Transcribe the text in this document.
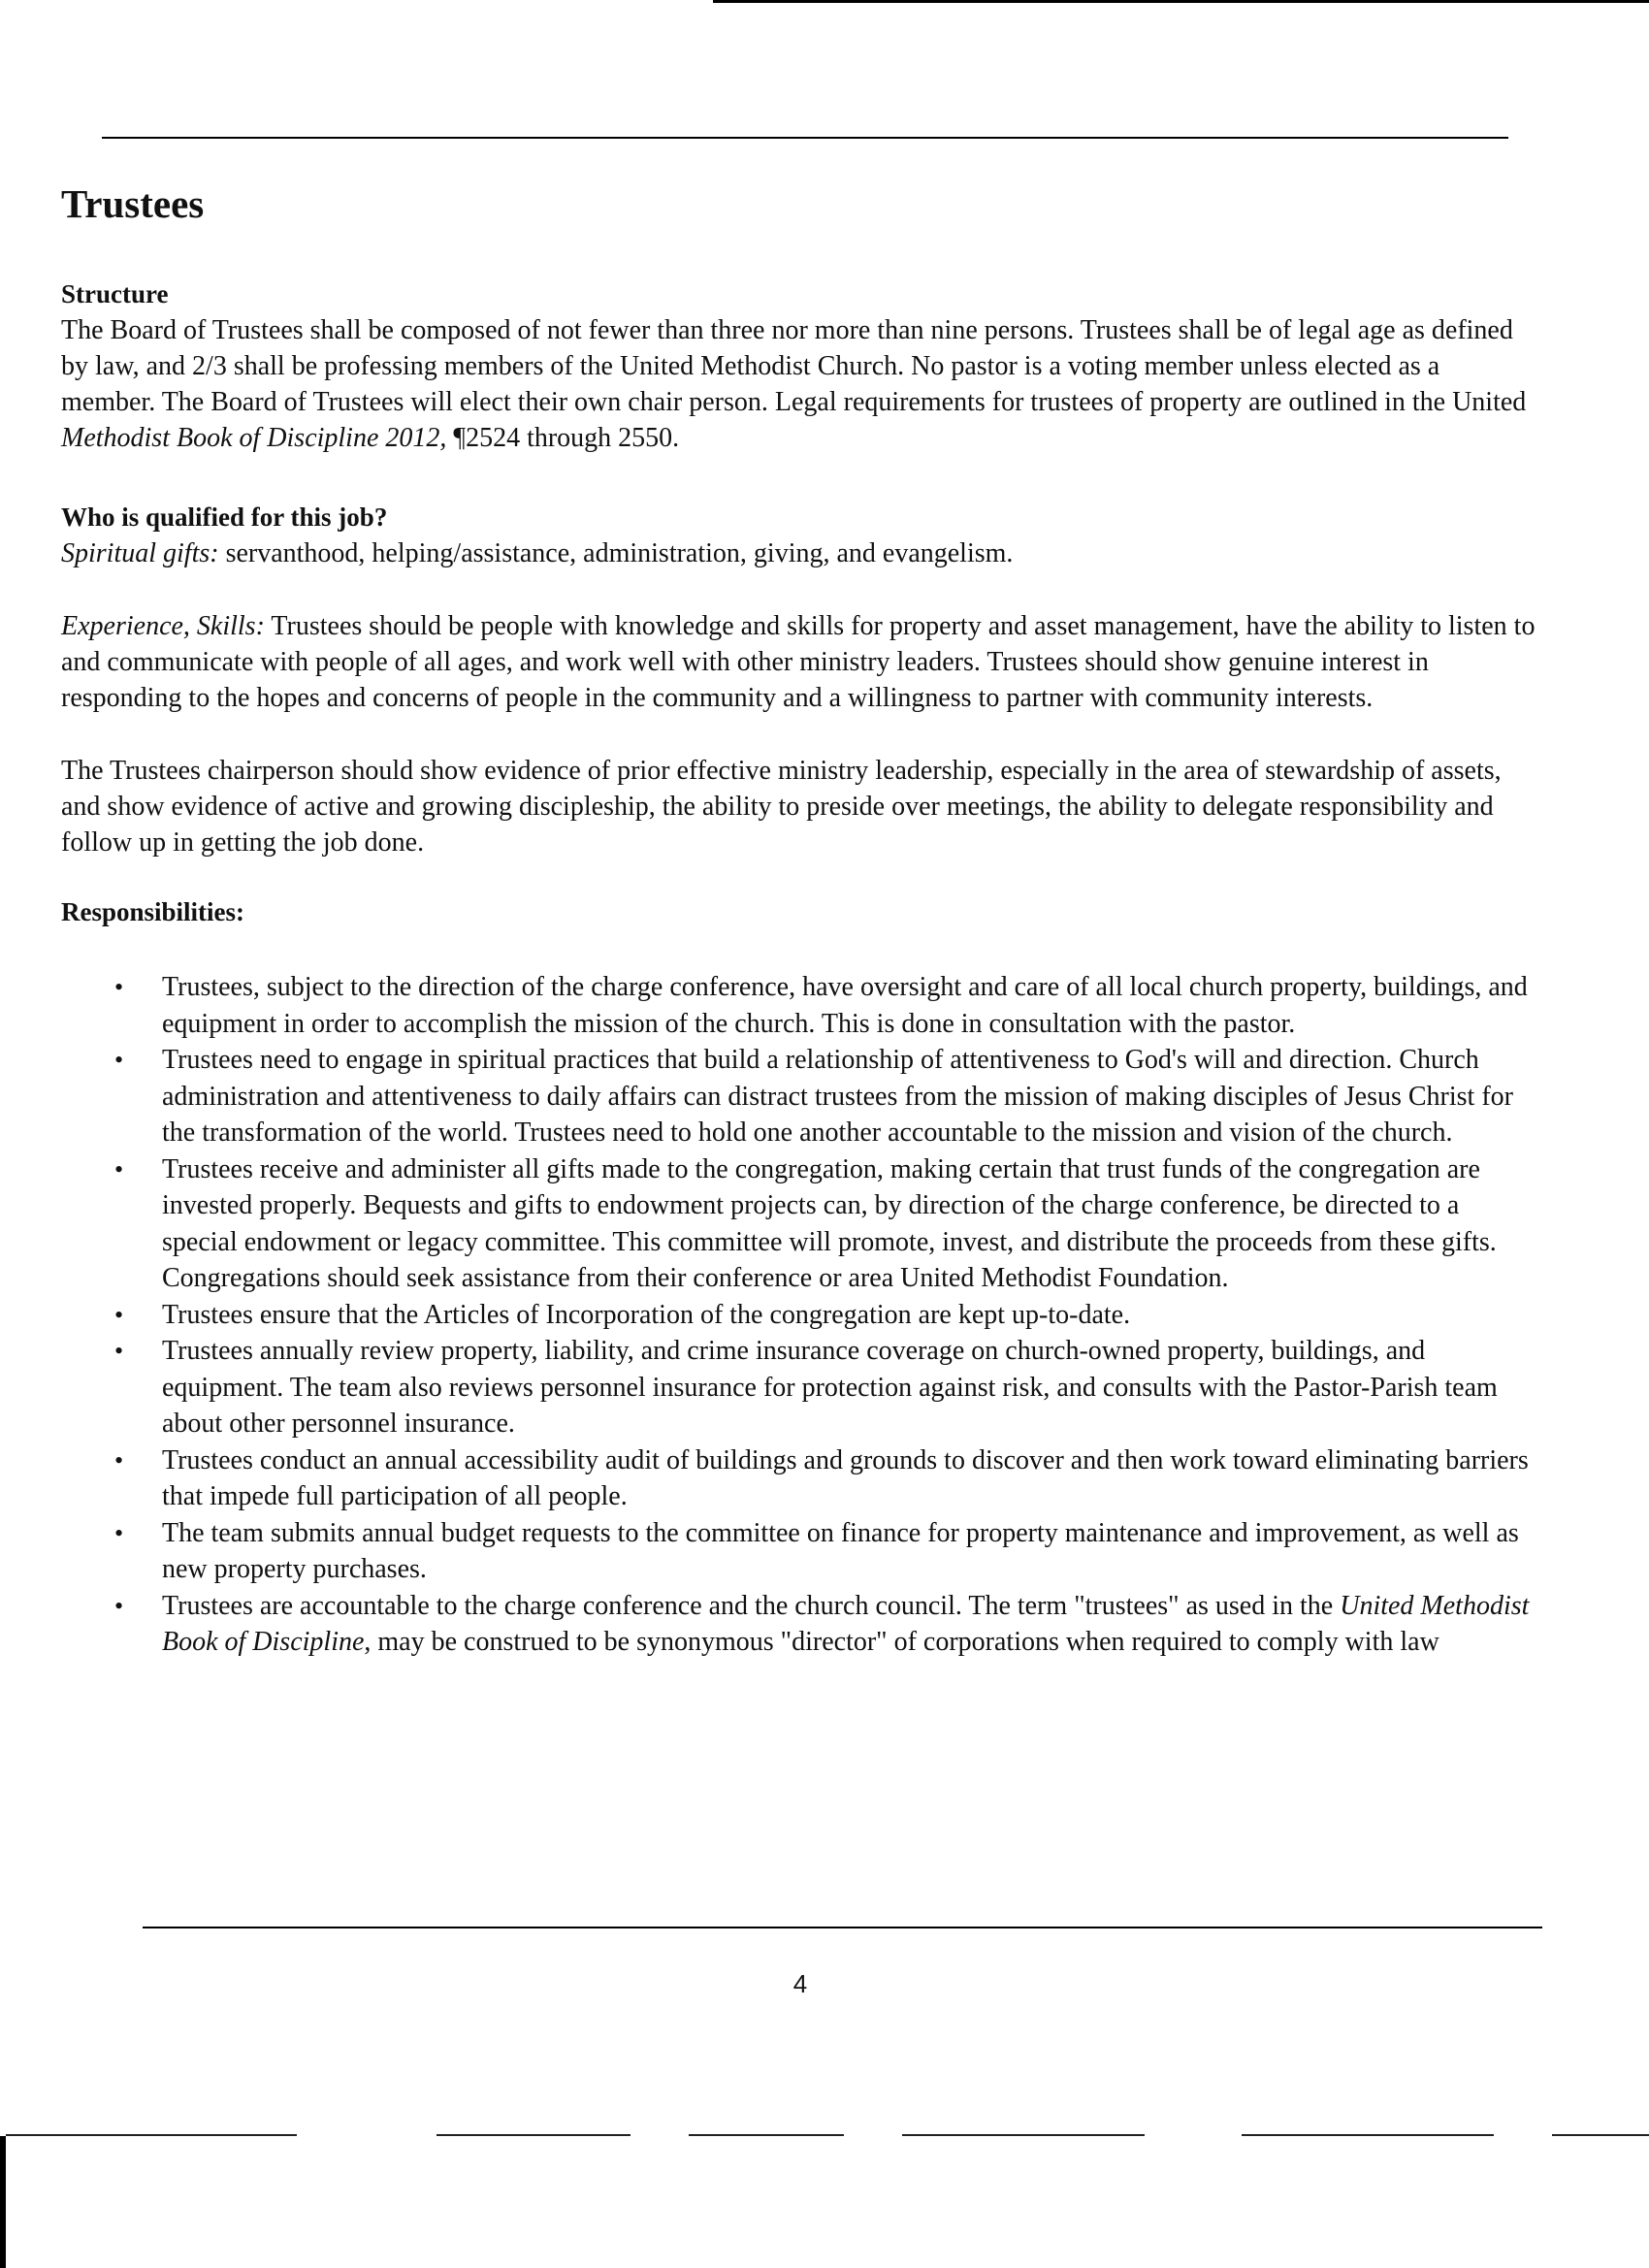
Trustees
Structure

The Board of Trustees shall be composed of not fewer than three nor more than nine persons. Trustees shall be of legal age as defined by law, and 2/3 shall be professing members of the United Methodist Church. No pastor is a voting member unless elected as a member. The Board of Trustees will elect their own chair person. Legal requirements for trustees of property are outlined in the United Methodist Book of Discipline 2012, ¶2524 through 2550.

Who is qualified for this job?

Spiritual gifts: servanthood, helping/assistance, administration, giving, and evangelism.

Experience, Skills: Trustees should be people with knowledge and skills for property and asset management, have the ability to listen to and communicate with people of all ages, and work well with other ministry leaders. Trustees should show genuine interest in responding to the hopes and concerns of people in the community and a willingness to partner with community interests.

The Trustees chairperson should show evidence of prior effective ministry leadership, especially in the area of stewardship of assets, and show evidence of active and growing discipleship, the ability to preside over meetings, the ability to delegate responsibility and follow up in getting the job done.

Responsibilities:
• Trustees, subject to the direction of the charge conference, have oversight and care of all local church property, buildings, and equipment in order to accomplish the mission of the church. This is done in consultation with the pastor.
• Trustees need to engage in spiritual practices that build a relationship of attentiveness to God's will and direction. Church administration and attentiveness to daily affairs can distract trustees from the mission of making disciples of Jesus Christ for the transformation of the world. Trustees need to hold one another accountable to the mission and vision of the church.
• Trustees receive and administer all gifts made to the congregation, making certain that trust funds of the congregation are invested properly. Bequests and gifts to endowment projects can, by direction of the charge conference, be directed to a special endowment or legacy committee. This committee will promote, invest, and distribute the proceeds from these gifts. Congregations should seek assistance from their conference or area United Methodist Foundation.
• Trustees ensure that the Articles of Incorporation of the congregation are kept up-to-date.
• Trustees annually review property, liability, and crime insurance coverage on church-owned property, buildings, and equipment. The team also reviews personnel insurance for protection against risk, and consults with the Pastor-Parish team about other personnel insurance.
• Trustees conduct an annual accessibility audit of buildings and grounds to discover and then work toward eliminating barriers that impede full participation of all people.
• The team submits annual budget requests to the committee on finance for property maintenance and improvement, as well as new property purchases.
• Trustees are accountable to the charge conference and the church council. The term "trustees" as used in the United Methodist Book of Discipline, may be construed to be synonymous "director" of corporations when required to comply with law
4
